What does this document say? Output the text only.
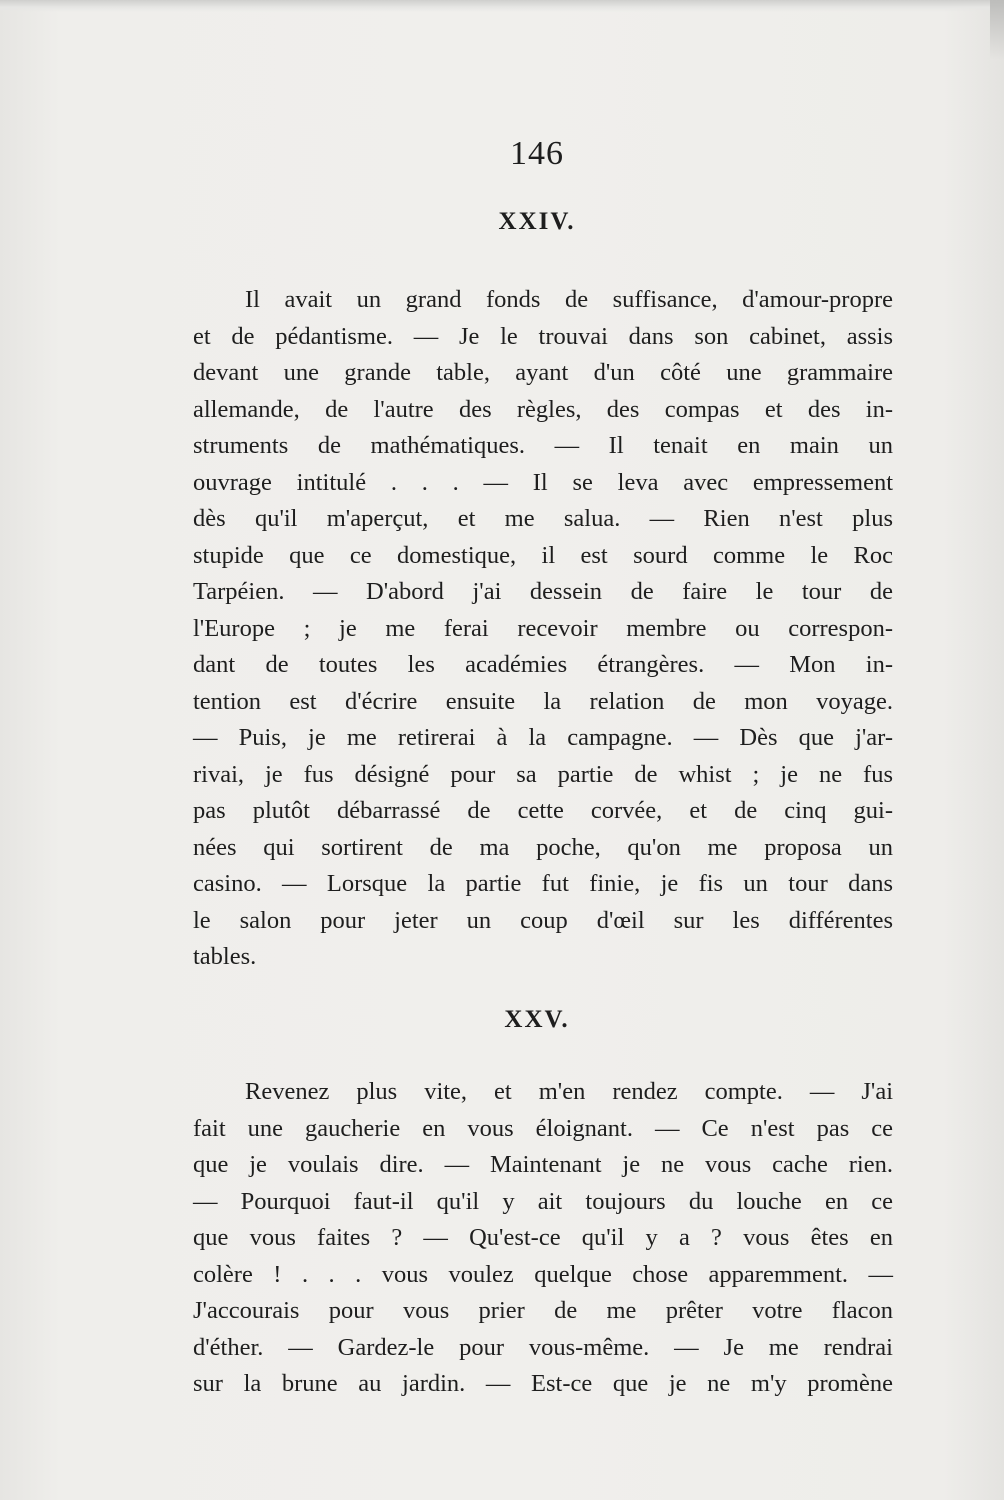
146
XXIV.
Il avait un grand fonds de suffisance, d'amour-propre
et de pédantisme. — Je le trouvai dans son cabinet, assis
devant une grande table, ayant d'un côté une grammaire
allemande, de l'autre des règles, des compas et des in-
struments de mathématiques. — Il tenait en main un
ouvrage intitulé . . . — Il se leva avec empressement
dès qu'il m'aperçut, et me salua. — Rien n'est plus
stupide que ce domestique, il est sourd comme le Roc
Tarpéien. — D'abord j'ai dessein de faire le tour de
l'Europe ; je me ferai recevoir membre ou correspon-
dant de toutes les académies étrangères. — Mon in-
tention est d'écrire ensuite la relation de mon voyage.
— Puis, je me retirerai à la campagne. — Dès que j'ar-
rivai, je fus désigné pour sa partie de whist ; je ne fus
pas plutôt débarrassé de cette corvée, et de cinq gui-
nées qui sortirent de ma poche, qu'on me proposa un
casino. — Lorsque la partie fut finie, je fis un tour dans
le salon pour jeter un coup d'œil sur les différentes
tables.
XXV.
Revenez plus vite, et m'en rendez compte. — J'ai
fait une gaucherie en vous éloignant. — Ce n'est pas ce
que je voulais dire. — Maintenant je ne vous cache rien.
— Pourquoi faut-il qu'il y ait toujours du louche en ce
que vous faites ? — Qu'est-ce qu'il y a ? vous êtes en
colère ! . . . vous voulez quelque chose apparemment. —
J'accourais pour vous prier de me prêter votre flacon
d'éther. — Gardez-le pour vous-même. — Je me rendrai
sur la brune au jardin. — Est-ce que je ne m'y promène
